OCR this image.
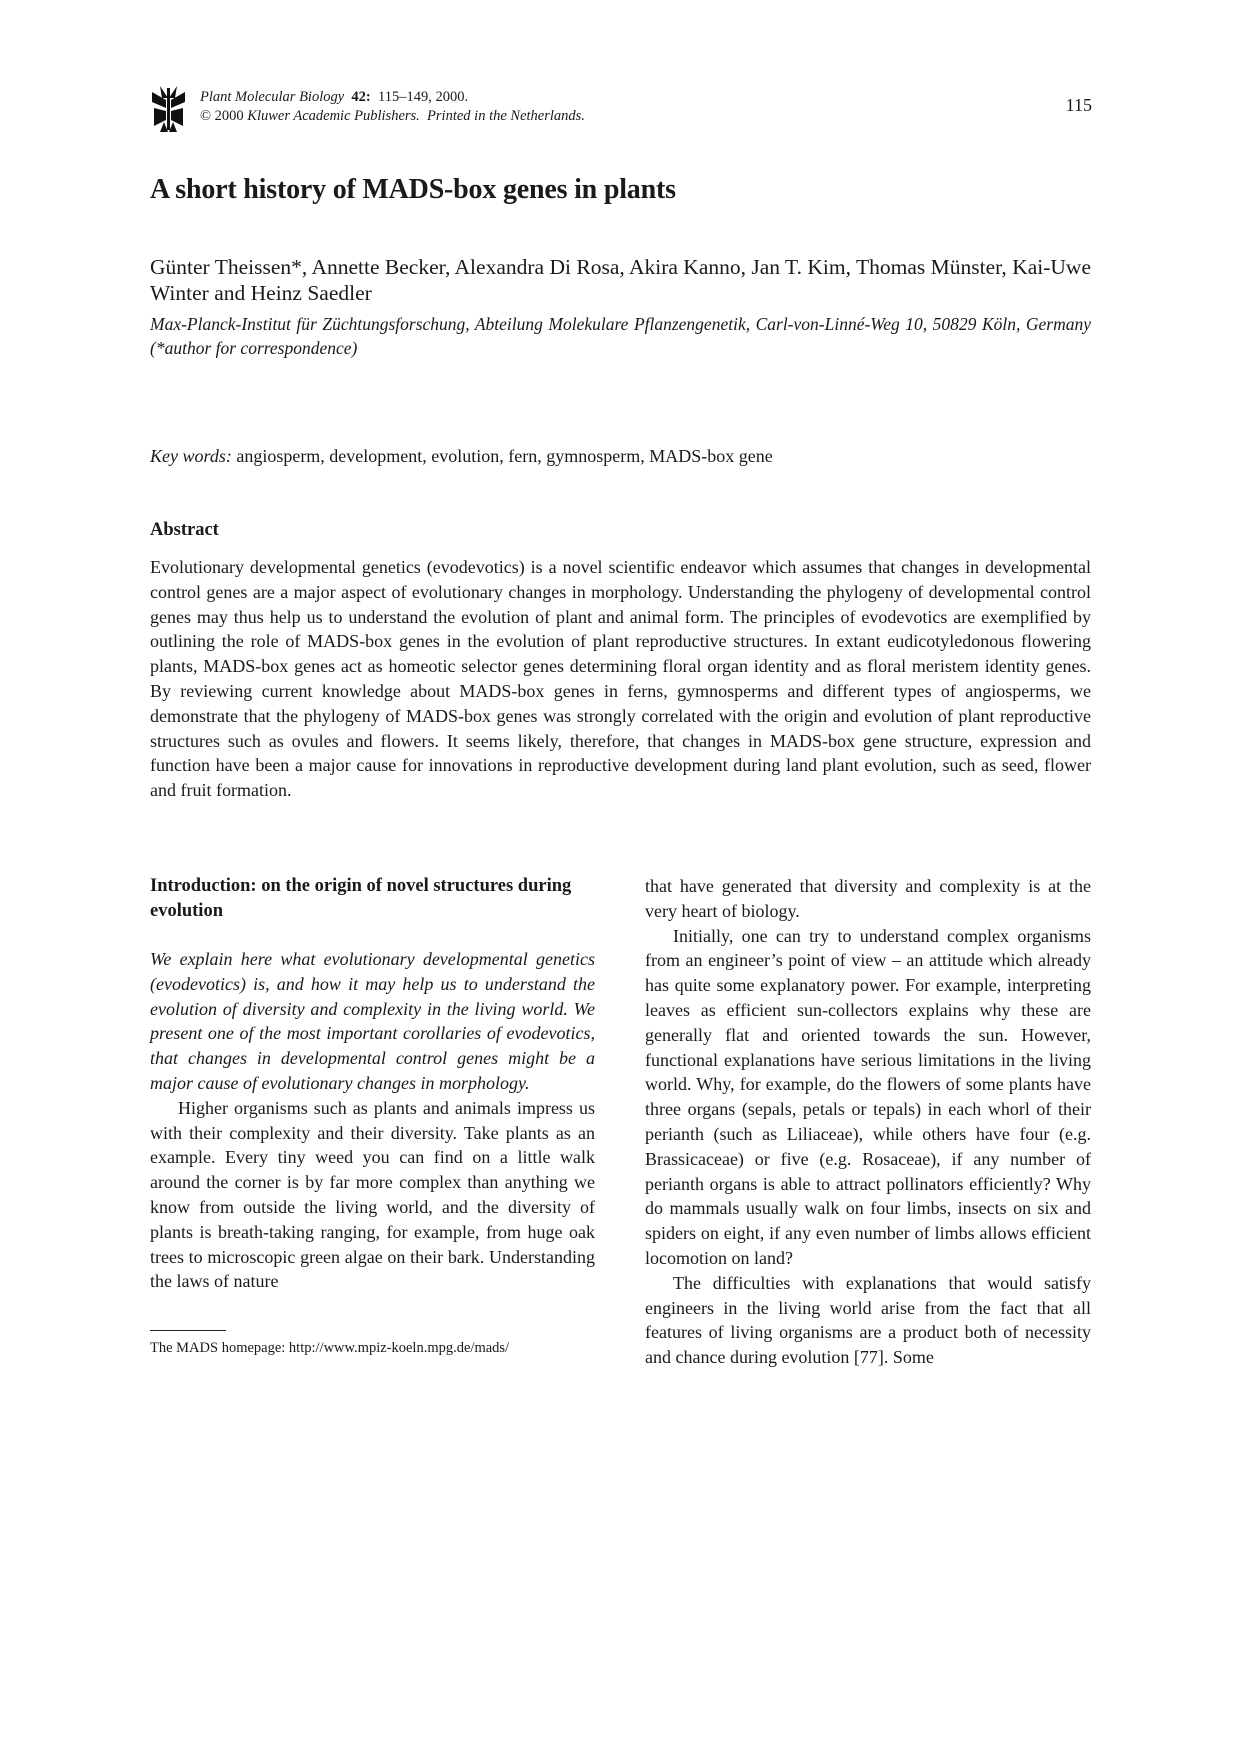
Plant Molecular Biology 42: 115–149, 2000.
© 2000 Kluwer Academic Publishers. Printed in the Netherlands.
115
A short history of MADS-box genes in plants

Günter Theissen*, Annette Becker, Alexandra Di Rosa, Akira Kanno, Jan T. Kim, Thomas Münster, Kai-Uwe Winter and Heinz Saedler

Max-Planck-Institut für Züchtungsforschung, Abteilung Molekulare Pflanzengenetik, Carl-von-Linné-Weg 10, 50829 Köln, Germany (*author for correspondence)

Key words: angiosperm, development, evolution, fern, gymnosperm, MADS-box gene
Abstract

Evolutionary developmental genetics (evodevotics) is a novel scientific endeavor which assumes that changes in developmental control genes are a major aspect of evolutionary changes in morphology. Understanding the phylogeny of developmental control genes may thus help us to understand the evolution of plant and animal form. The principles of evodevotics are exemplified by outlining the role of MADS-box genes in the evolution of plant reproductive structures. In extant eudicotyledonous flowering plants, MADS-box genes act as homeotic selector genes determining floral organ identity and as floral meristem identity genes. By reviewing current knowledge about MADS-box genes in ferns, gymnosperms and different types of angiosperms, we demonstrate that the phylogeny of MADS-box genes was strongly correlated with the origin and evolution of plant reproductive structures such as ovules and flowers. It seems likely, therefore, that changes in MADS-box gene structure, expression and function have been a major cause for innovations in reproductive development during land plant evolution, such as seed, flower and fruit formation.

Introduction: on the origin of novel structures during evolution

We explain here what evolutionary developmental genetics (evodevotics) is, and how it may help us to understand the evolution of diversity and complexity in the living world. We present one of the most important corollaries of evodevotics, that changes in developmental control genes might be a major cause of evolutionary changes in morphology.

Higher organisms such as plants and animals impress us with their complexity and their diversity. Take plants as an example. Every tiny weed you can find on a little walk around the corner is by far more complex than anything we know from outside the living world, and the diversity of plants is breath-taking ranging, for example, from huge oak trees to microscopic green algae on their bark. Understanding the laws of nature

that have generated that diversity and complexity is at the very heart of biology.

Initially, one can try to understand complex organisms from an engineer’s point of view – an attitude which already has quite some explanatory power. For example, interpreting leaves as efficient sun-collectors explains why these are generally flat and oriented towards the sun. However, functional explanations have serious limitations in the living world. Why, for example, do the flowers of some plants have three organs (sepals, petals or tepals) in each whorl of their perianth (such as Liliaceae), while others have four (e.g. Brassicaceae) or five (e.g. Rosaceae), if any number of perianth organs is able to attract pollinators efficiently? Why do mammals usually walk on four limbs, insects on six and spiders on eight, if any even number of limbs allows efficient locomotion on land?

The difficulties with explanations that would satisfy engineers in the living world arise from the fact that all features of living organisms are a product both of necessity and chance during evolution [77]. Some

The MADS homepage: http://www.mpiz-koeln.mpg.de/mads/
